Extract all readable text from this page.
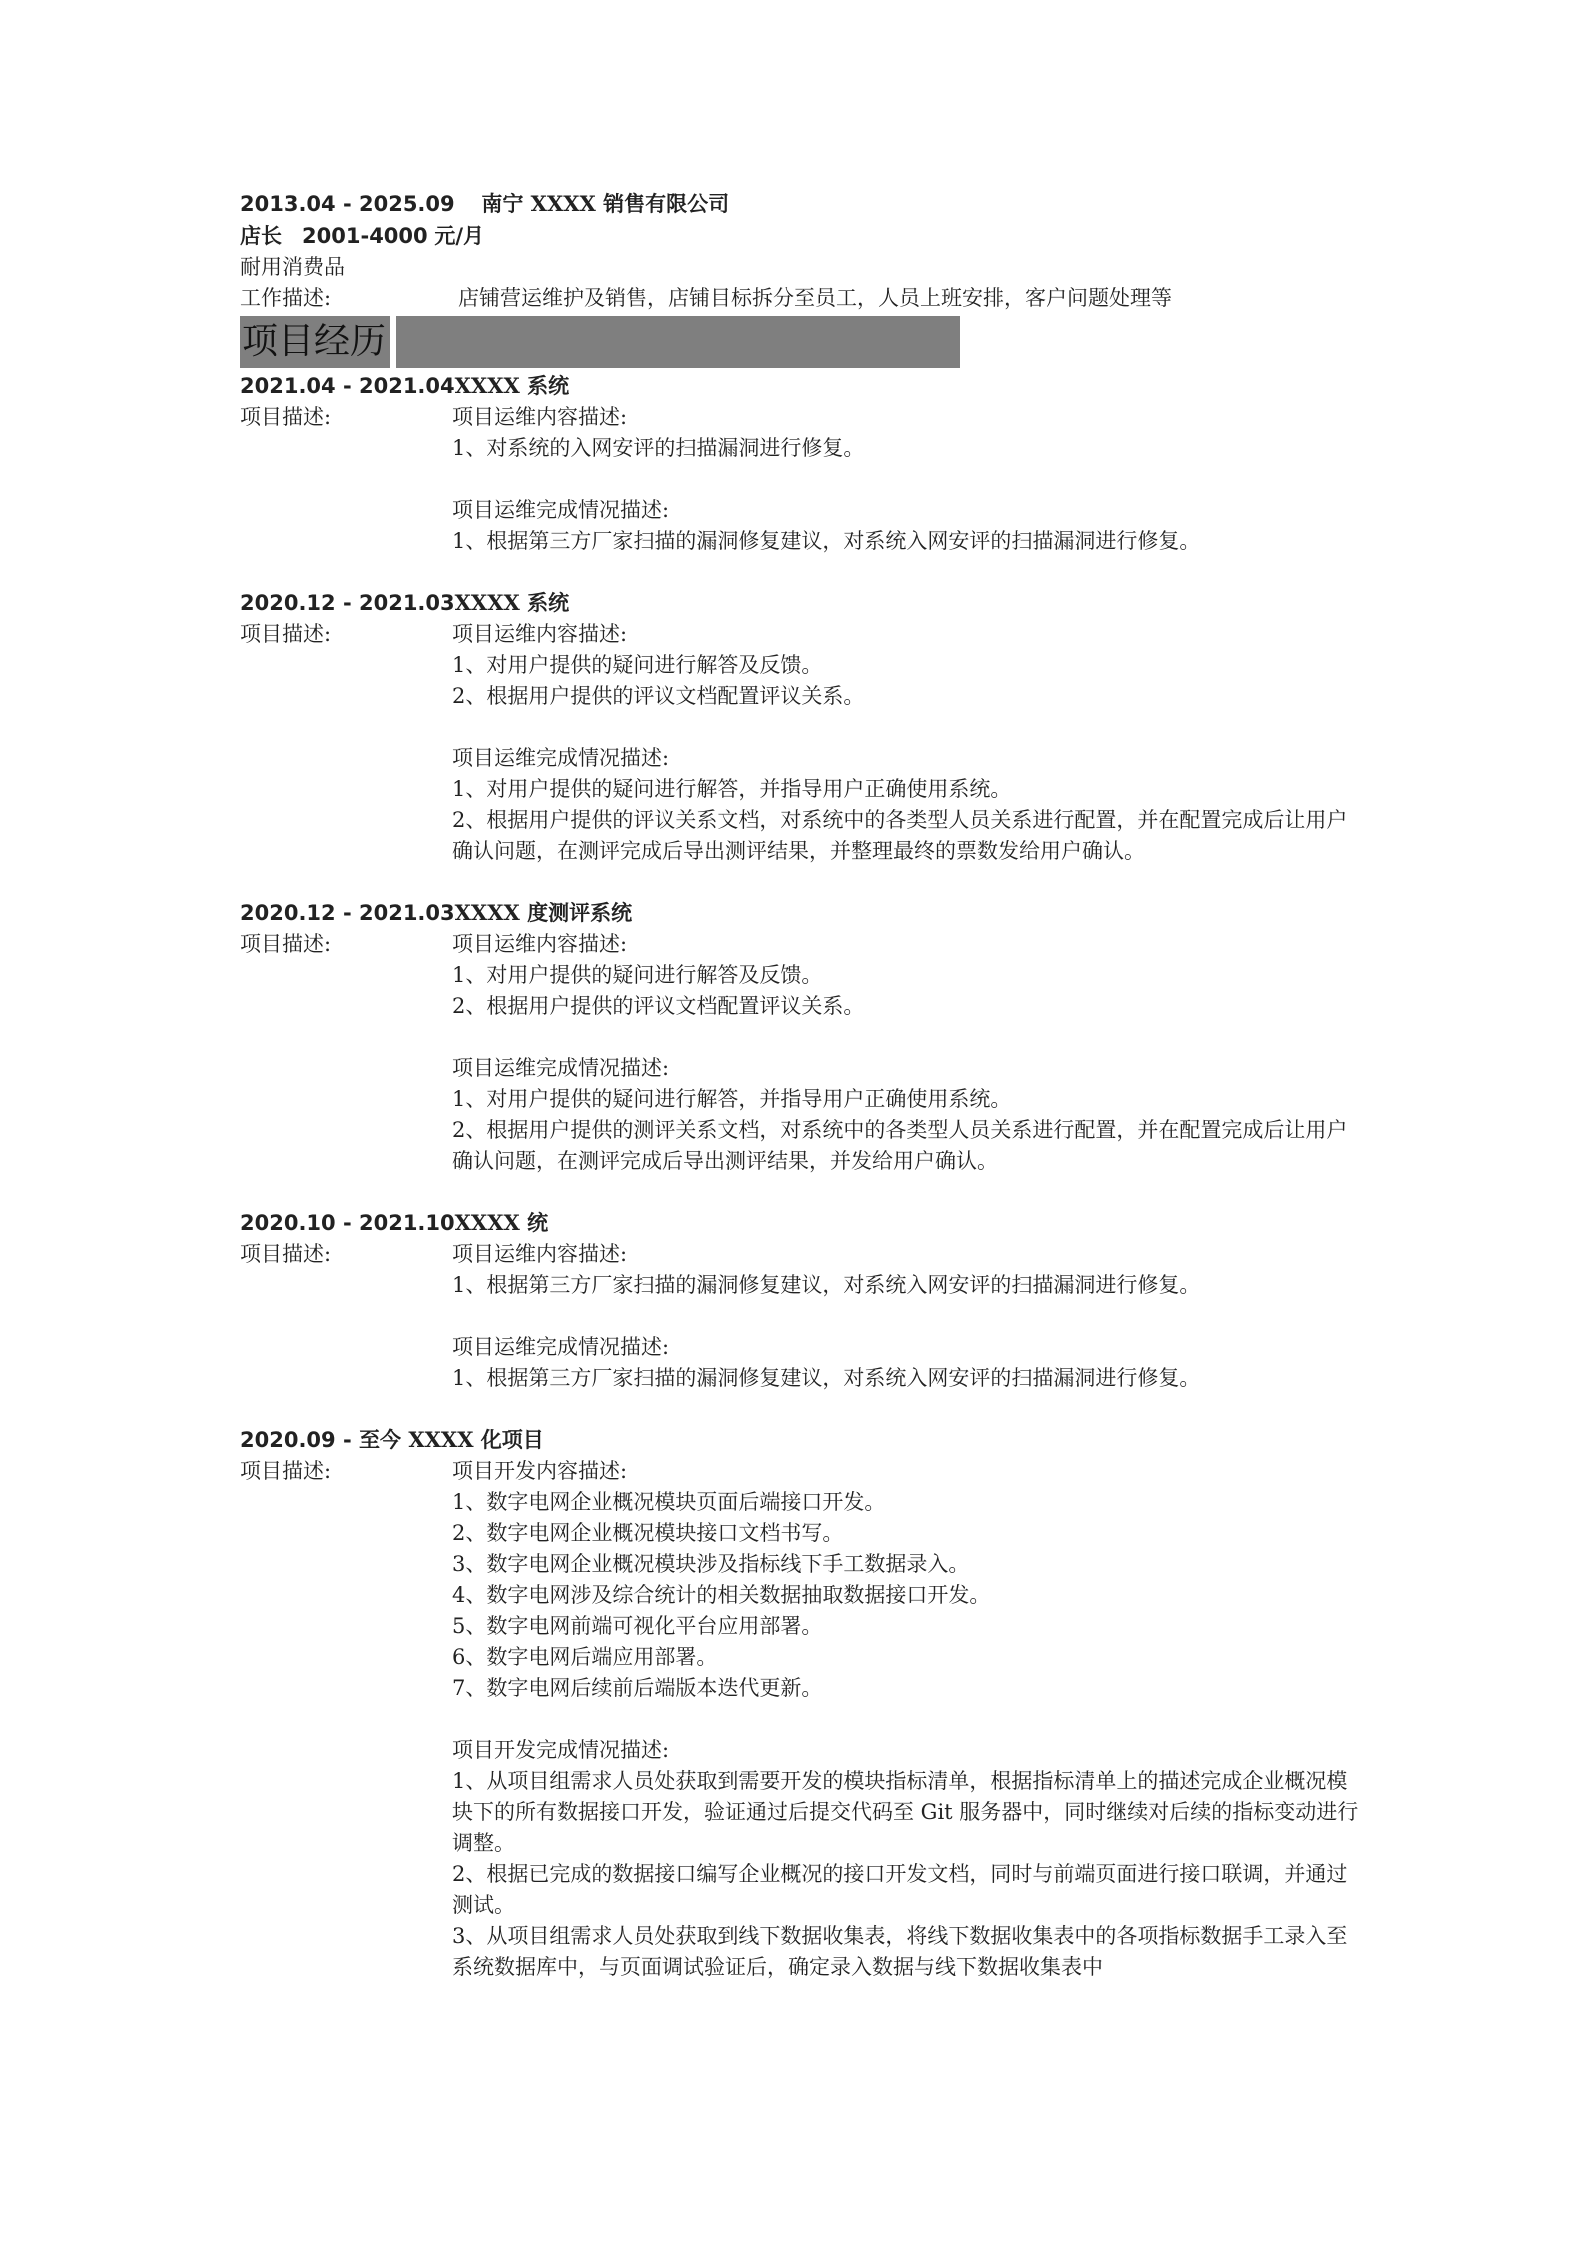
2013.04 - 2025.09 南宁 XXXX 销售有限公司
店长 2001-4000 元/月
耐用消费品
工作描述:	店铺营运维护及销售，店铺目标拆分至员工，人员上班安排，客户问题处理等
项目经历
2021.04 - 2021.04XXXX 系统
项目描述:	项目运维内容描述:
1、对系统的入网安评的扫描漏洞进行修复。
项目运维完成情况描述:
1、根据第三方厂家扫描的漏洞修复建议，对系统入网安评的扫描漏洞进行修复。
2020.12 - 2021.03XXXX 系统
项目描述:	项目运维内容描述:
1、对用户提供的疑问进行解答及反馈。
2、根据用户提供的评议文档配置评议关系。
项目运维完成情况描述:
1、对用户提供的疑问进行解答，并指导用户正确使用系统。
2、根据用户提供的评议关系文档，对系统中的各类型人员关系进行配置，并在配置完成后让用户确认问题，在测评完成后导出测评结果，并整理最终的票数发给用户确认。
2020.12 - 2021.03XXXX 度测评系统
项目描述:	项目运维内容描述:
1、对用户提供的疑问进行解答及反馈。
2、根据用户提供的评议文档配置评议关系。
项目运维完成情况描述:
1、对用户提供的疑问进行解答，并指导用户正确使用系统。
2、根据用户提供的测评关系文档，对系统中的各类型人员关系进行配置，并在配置完成后让用户确认问题，在测评完成后导出测评结果，并发给用户确认。
2020.10 - 2021.10XXXX 统
项目描述:	项目运维内容描述:
1、根据第三方厂家扫描的漏洞修复建议，对系统入网安评的扫描漏洞进行修复。
项目运维完成情况描述:
1、根据第三方厂家扫描的漏洞修复建议，对系统入网安评的扫描漏洞进行修复。
2020.09 - 至今 XXXX 化项目
项目描述:	项目开发内容描述:
1、数字电网企业概况模块页面后端接口开发。
2、数字电网企业概况模块接口文档书写。
3、数字电网企业概况模块涉及指标线下手工数据录入。
4、数字电网涉及综合统计的相关数据抽取数据接口开发。
5、数字电网前端可视化平台应用部署。
6、数字电网后端应用部署。
7、数字电网后续前后端版本迭代更新。
项目开发完成情况描述:
1、从项目组需求人员处获取到需要开发的模块指标清单，根据指标清单上的描述完成企业概况模块下的所有数据接口开发，验证通过后提交代码至 Git 服务器中，同时继续对后续的指标变动进行调整。
2、根据已完成的数据接口编写企业概况的接口开发文档，同时与前端页面进行接口联调，并通过测试。
3、从项目组需求人员处获取到线下数据收集表，将线下数据收集表中的各项指标数据手工录入至系统数据库中，与页面调试验证后，确定录入数据与线下数据收集表中
